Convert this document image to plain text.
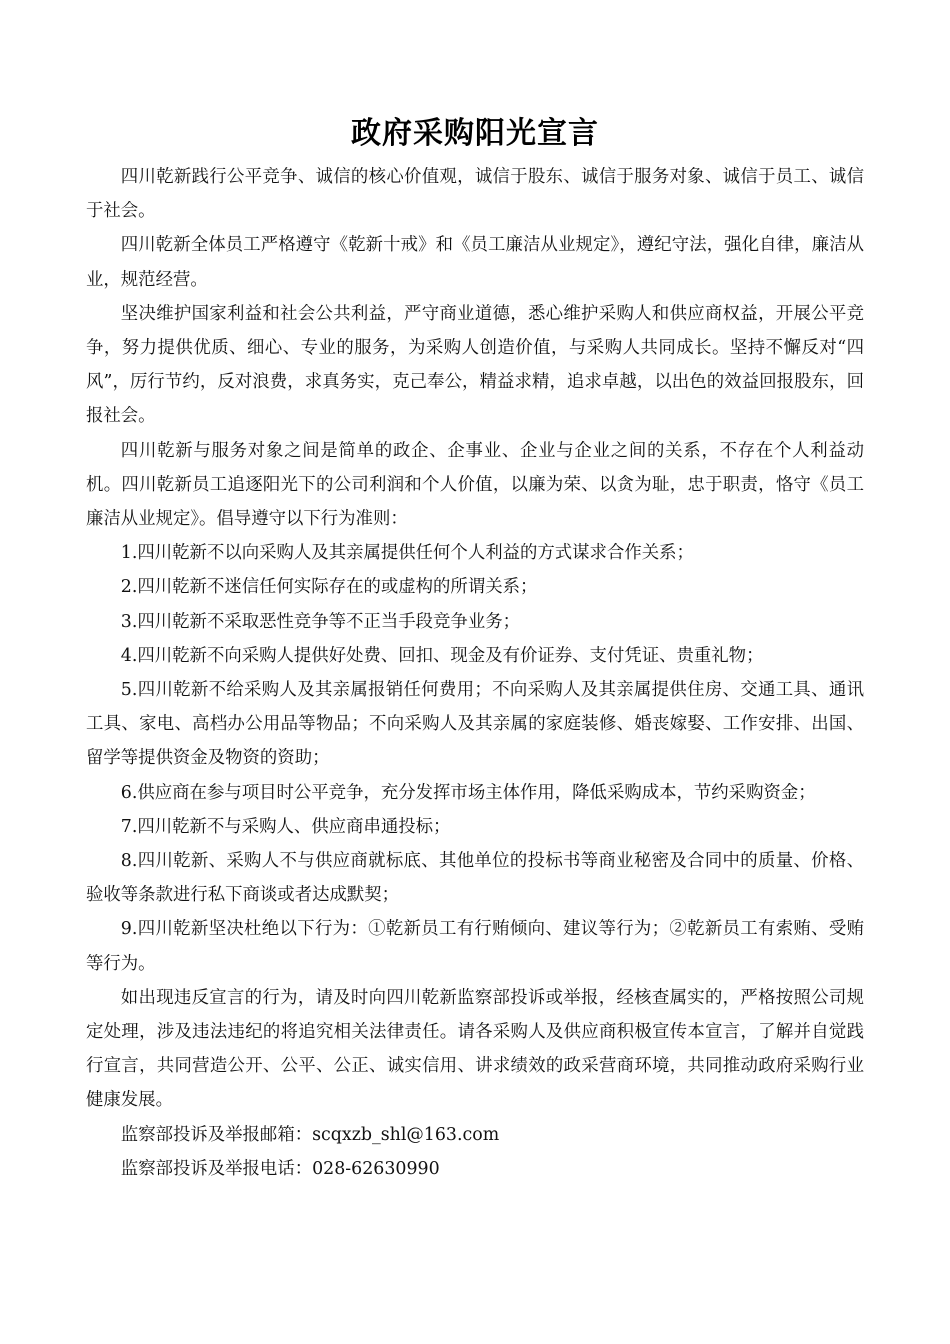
政府采购阳光宣言

四川乾新践行公平竞争、诚信的核心价值观，诚信于股东、诚信于服务对象、诚信于员工、诚信于社会。

四川乾新全体员工严格遵守《乾新十戒》和《员工廉洁从业规定》，遵纪守法，强化自律，廉洁从业，规范经营。

坚决维护国家利益和社会公共利益，严守商业道德，悉心维护采购人和供应商权益，开展公平竞争，努力提供优质、细心、专业的服务，为采购人创造价值，与采购人共同成长。坚持不懈反对“四风”，厉行节约，反对浪费，求真务实，克己奉公，精益求精，追求卓越，以出色的效益回报股东，回报社会。

四川乾新与服务对象之间是简单的政企、企事业、企业与企业之间的关系，不存在个人利益动机。四川乾新员工追逐阳光下的公司利润和个人价值，以廉为荣、以贪为耻，忠于职责，恪守《员工廉洁从业规定》。倡导遵守以下行为准则：

1.四川乾新不以向采购人及其亲属提供任何个人利益的方式谋求合作关系；

2.四川乾新不迷信任何实际存在的或虚构的所谓关系；

3.四川乾新不采取恶性竞争等不正当手段竞争业务；

4.四川乾新不向采购人提供好处费、回扣、现金及有价证券、支付凭证、贵重礼物；

5.四川乾新不给采购人及其亲属报销任何费用；不向采购人及其亲属提供住房、交通工具、通讯工具、家电、高档办公用品等物品；不向采购人及其亲属的家庭装修、婚丧嫁娶、工作安排、出国、留学等提供资金及物资的资助；

6.供应商在参与项目时公平竞争，充分发挥市场主体作用，降低采购成本，节约采购资金；

7.四川乾新不与采购人、供应商串通投标；

8.四川乾新、采购人不与供应商就标底、其他单位的投标书等商业秘密及合同中的质量、价格、验收等条款进行私下商谈或者达成默契；

9.四川乾新坚决杜绝以下行为：①乾新员工有行贿倾向、建议等行为；②乾新员工有索贿、受贿等行为。

如出现违反宣言的行为，请及时向四川乾新监察部投诉或举报，经核查属实的，严格按照公司规定处理，涉及违法违纪的将追究相关法律责任。请各采购人及供应商积极宣传本宣言，了解并自觉践行宣言，共同营造公开、公平、公正、诚实信用、讲求绩效的政采营商环境，共同推动政府采购行业健康发展。

监察部投诉及举报邮箱：scqxzb_shl@163.com

监察部投诉及举报电话：028-62630990
